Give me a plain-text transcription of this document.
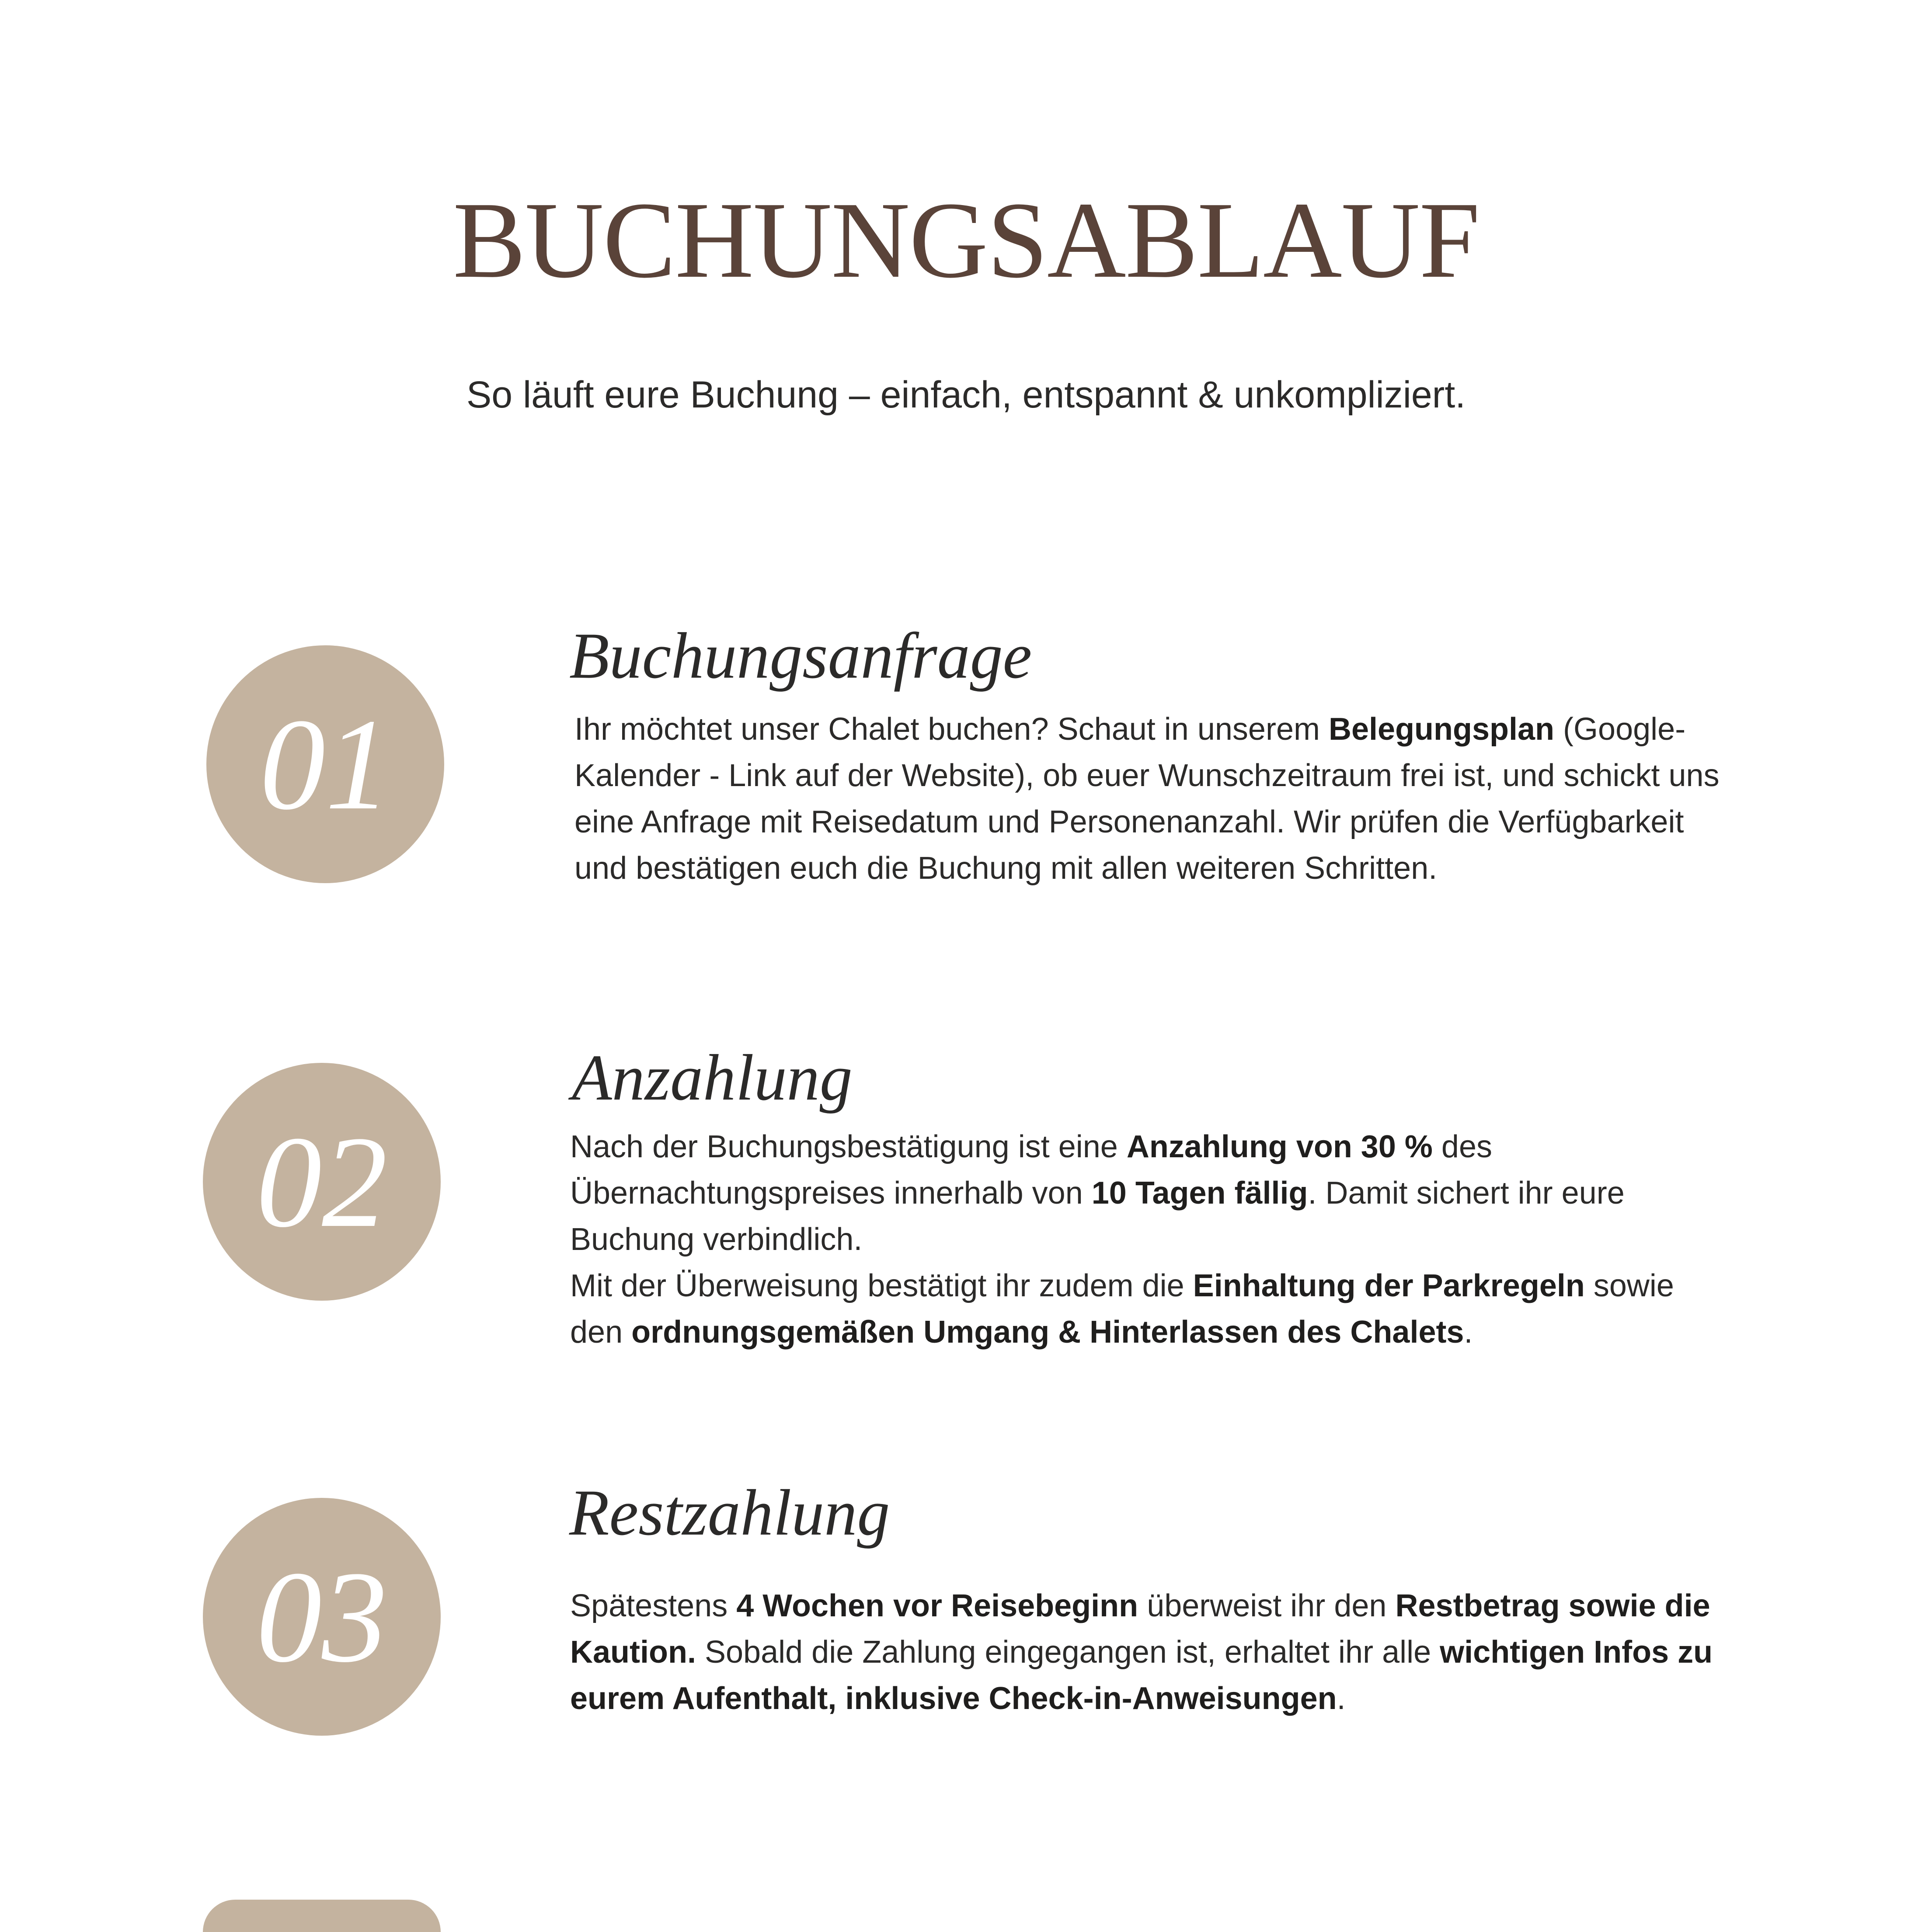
BUCHUNGSABLAUF
So läuft eure Buchung – einfach, entspannt & unkompliziert.
01
Buchungsanfrage

Ihr möchtet unser Chalet buchen? Schaut in unserem Belegungsplan (Google-Kalender - Link auf der Website), ob euer Wunschzeitraum frei ist, und schickt uns eine Anfrage mit Reisedatum und Personenanzahl. Wir prüfen die Verfügbarkeit und bestätigen euch die Buchung mit allen weiteren Schritten.

02
Anzahlung

Nach der Buchungsbestätigung ist eine Anzahlung von 30 % des Übernachtungspreises innerhalb von 10 Tagen fällig. Damit sichert ihr eure Buchung verbindlich.

Mit der Überweisung bestätigt ihr zudem die Einhaltung der Parkregeln sowie den ordnungsgemäßen Umgang & Hinterlassen des Chalets.

03
Restzahlung

Spätestens 4 Wochen vor Reisebeginn überweist ihr den Restbetrag sowie die Kaution. Sobald die Zahlung eingegangen ist, erhaltet ihr alle wichtigen Infos zu eurem Aufenthalt, inklusive Check-in-Anweisungen.
